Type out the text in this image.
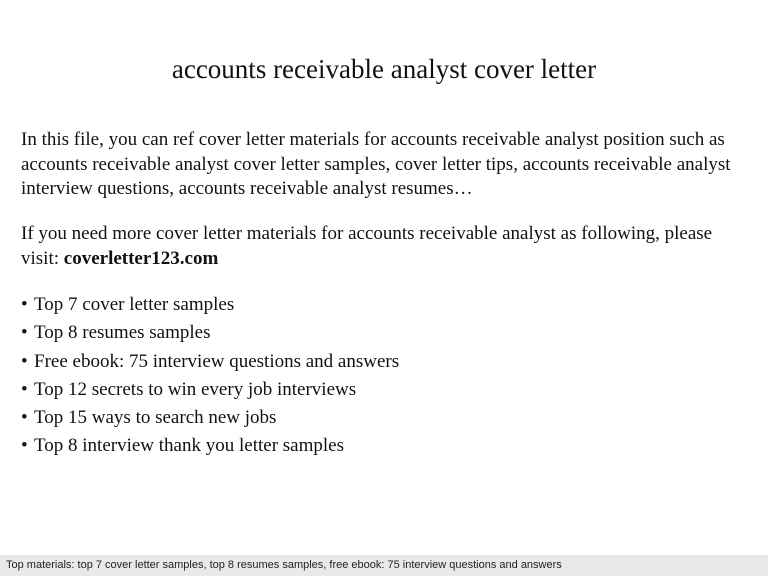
accounts receivable analyst cover letter
In this file, you can ref cover letter materials for accounts receivable analyst position such as accounts receivable analyst cover letter samples, cover letter tips, accounts receivable analyst interview questions, accounts receivable analyst resumes…
If you need more cover letter materials for accounts receivable analyst as following, please visit: coverletter123.com
• Top 7 cover letter samples
• Top 8 resumes samples
• Free ebook: 75 interview questions and answers
• Top 12 secrets to win every job interviews
• Top 15 ways to search new jobs
• Top 8 interview thank you letter samples
Top materials: top 7 cover letter samples, top 8 resumes samples, free ebook: 75 interview questions and answers
